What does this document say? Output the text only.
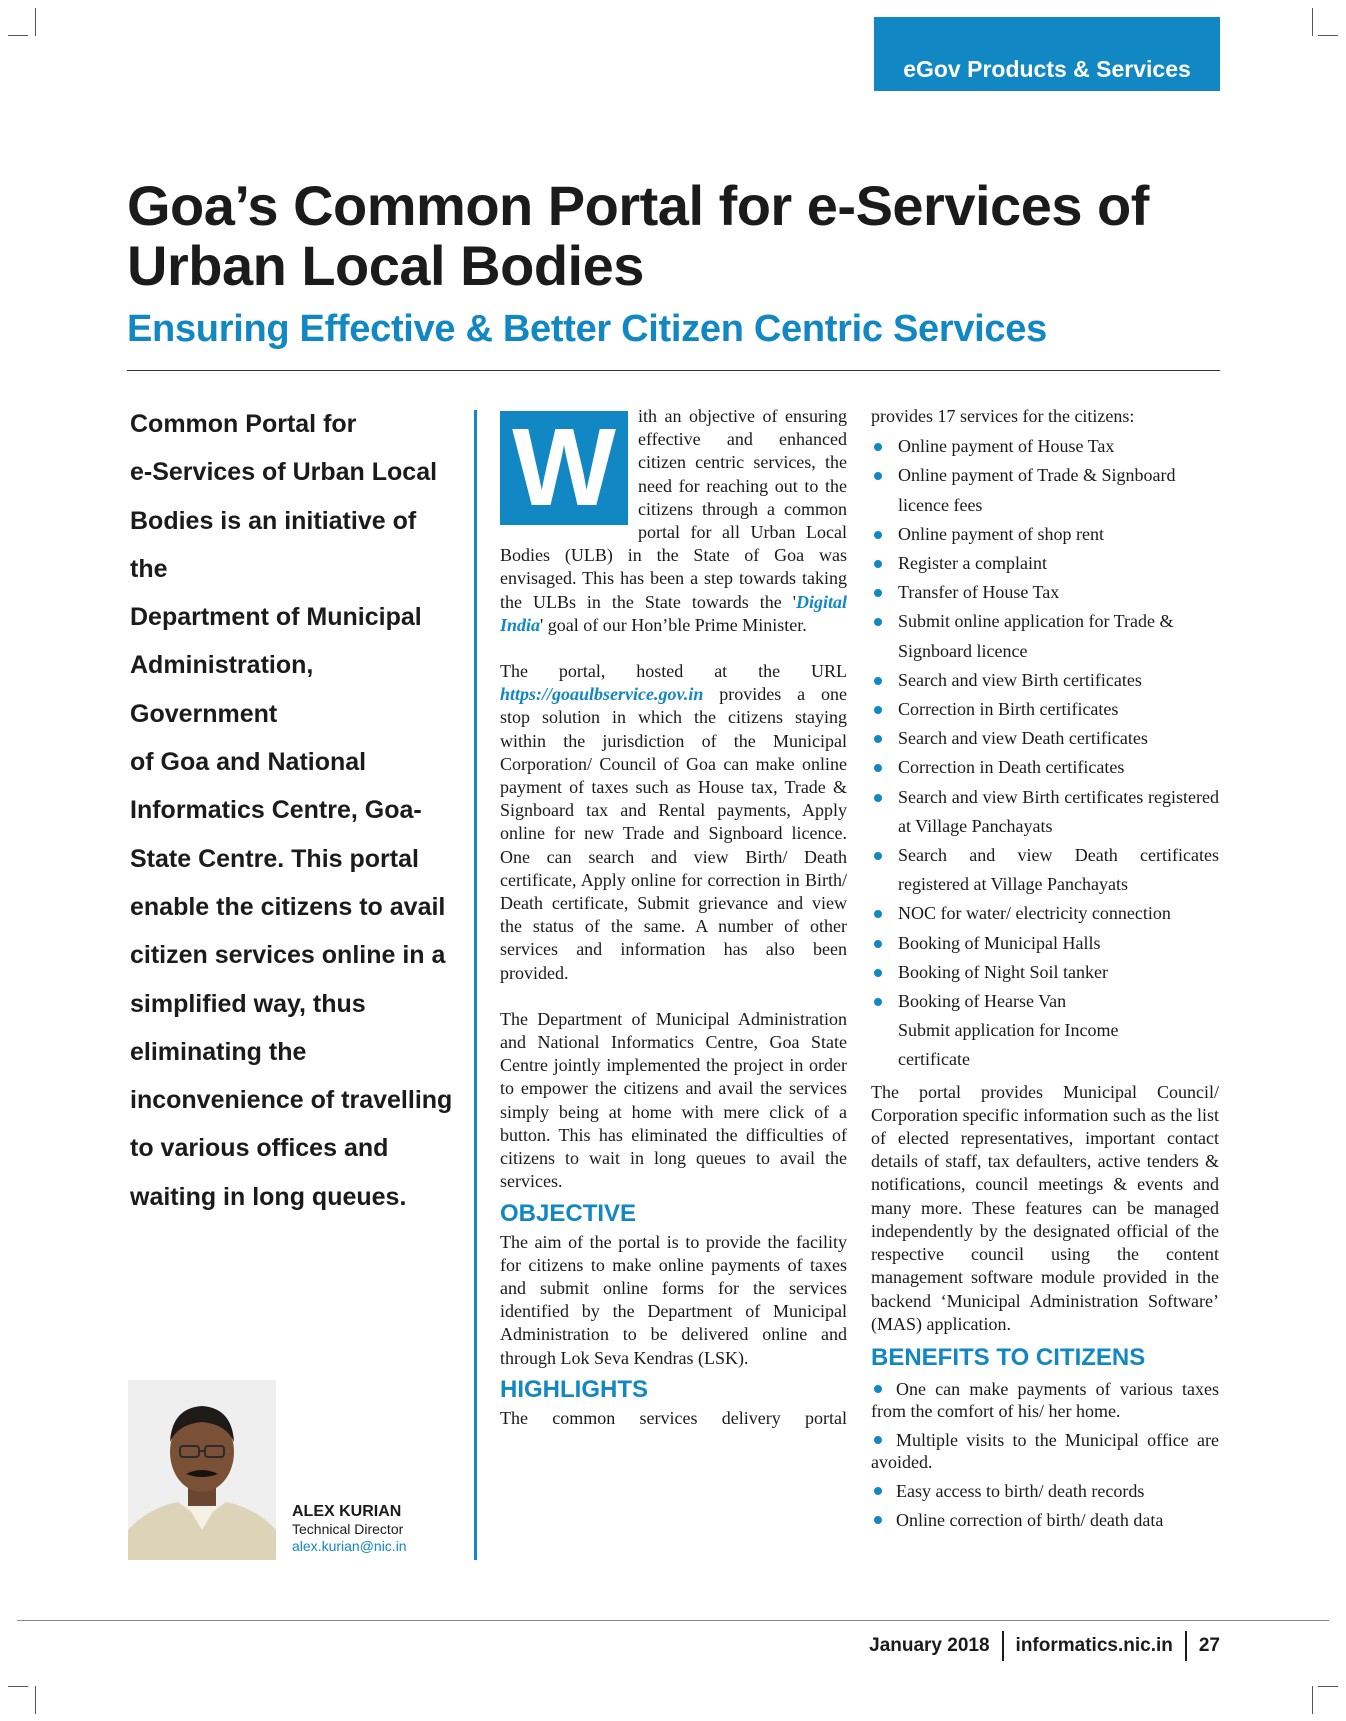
eGov Products & Services
Goa’s Common Portal for e-Services of Urban Local Bodies
Ensuring Effective & Better Citizen Centric Services
Common Portal for
e-Services of Urban Local
Bodies is an initiative of the
Department of Municipal
Administration, Government
of Goa and National
Informatics Centre, Goa-
State Centre. This portal
enable the citizens to avail
citizen services online in a
simplified way, thus
eliminating the
inconvenience of travelling
to various offices and
waiting in long queues.
ALEX KURIAN
Technical Director
alex.kurian@nic.in

W	ith an objective of ensuring effective and enhanced citizen centric services, the need for reaching out to the citizens through a common portal for all Urban Local Bodies (ULB) in the State of Goa was envisaged. This has been a step towards taking the ULBs in the State towards the 'Digital India' goal of our Hon’ble Prime Minister.

The portal, hosted at the URL https://goaulbservice.gov.in provides a one stop solution in which the citizens staying within the jurisdiction of the Municipal Corporation/ Council of Goa can make online payment of taxes such as House tax, Trade & Signboard tax and Rental payments, Apply online for new Trade and Signboard licence. One can search and view Birth/ Death certificate, Apply online for correction in Birth/ Death certificate, Submit grievance and view the status of the same. A number of other services and information has also been provided.

The Department of Municipal Administration and National Informatics Centre, Goa State Centre jointly implemented the project in order to empower the citizens and avail the services simply being at home with mere click of a button. This has eliminated the difficulties of citizens to wait in long queues to avail the services.

OBJECTIVE

The aim of the portal is to provide the facility for citizens to make online payments of taxes and submit online forms for the services identified by the Department of Municipal Administration to be delivered online and through Lok Seva Kendras (LSK).

HIGHLIGHTS

The common services delivery portal

provides 17 services for the citizens:

Online payment of House Tax
Online payment of Trade & Signboard licence fees
Online payment of shop rent
Register a complaint
Transfer of House Tax
Submit online application for Trade & Signboard licence
Search and view Birth certificates
Correction in Birth certificates
Search and view Death certificates
Correction in Death certificates
Search and view Birth certificates registered at Village Panchayats
Search and view Death certificates registered at Village Panchayats
NOC for water/ electricity connection
Booking of Municipal Halls
Booking of Night Soil tanker
Booking of Hearse Van
Submit application for Income certificate

The portal provides Municipal Council/ Corporation specific information such as the list of elected representatives, important contact details of staff, tax defaulters, active tenders & notifications, council meetings & events and many more. These features can be managed independently by the designated official of the respective council using the content management software module provided in the backend ‘Municipal Administration Software’ (MAS) application.

BENEFITS TO CITIZENS
One can make payments of various taxes from the comfort of his/ her home.
Multiple visits to the Municipal office are avoided.
Easy access to birth/ death records
Online correction of birth/ death data
January 2018 informatics.nic.in 27
